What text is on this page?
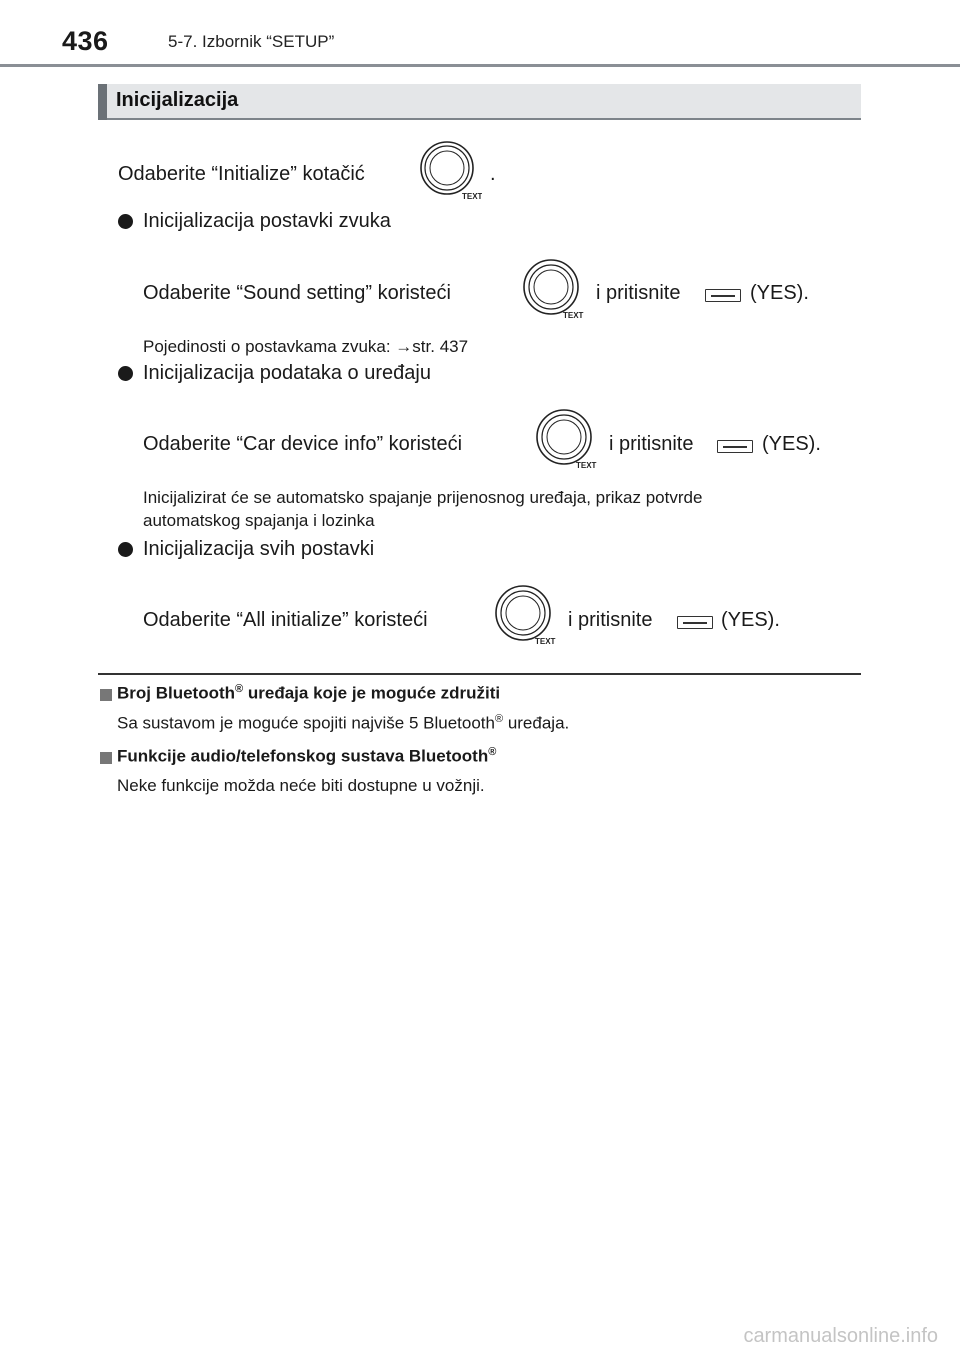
436	5-7. Izbornik “SETUP”
Inicijalizacija
Odaberite “Initialize” kotačić
TEXT
.
Inicijalizacija postavki zvuka
Odaberite “Sound setting” koristeći
TEXT
i pritisnite	(YES).
Pojedinosti o postavkama zvuka: →str. 437
Inicijalizacija podataka o uređaju
Odaberite “Car device info” koristeći
TEXT
i pritisnite	(YES).
Inicijalizirat će se automatsko spajanje prijenosnog uređaja, prikaz potvrde
automatskog spajanja i lozinka
Inicijalizacija svih postavki
Odaberite “All initialize” koristeći
TEXT
i pritisnite	(YES).
Broj Bluetooth® uređaja koje je moguće združiti
Sa sustavom je moguće spojiti najviše 5 Bluetooth® uređaja.
Funkcije audio/telefonskog sustava Bluetooth®
Neke funkcije možda neće biti dostupne u vožnji.
carmanualsonline.info
